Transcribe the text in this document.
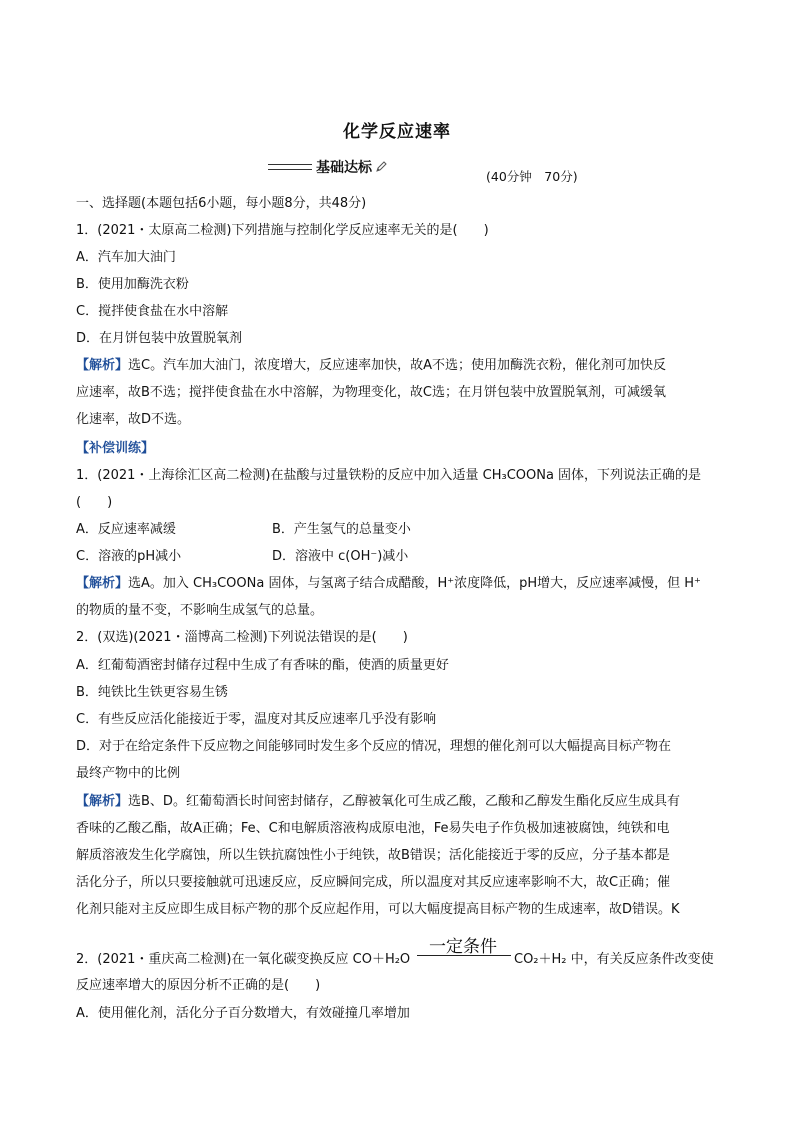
化学反应速率
基础达标
(40分钟　70分)
一、选择题(本题包括6小题，每小题8分，共48分)
1．(2021・太原高二检测)下列措施与控制化学反应速率无关的是(　　)
A．汽车加大油门
B．使用加酶洗衣粉
C．搅拌使食盐在水中溶解
D．在月饼包装中放置脱氧剂
【解析】选C。汽车加大油门，浓度增大，反应速率加快，故A不选；使用加酶洗衣粉，催化剂可加快反
应速率，故B不选；搅拌使食盐在水中溶解，为物理变化，故C选；在月饼包装中放置脱氧剂，可减缓氧
化速率，故D不选。
【补偿训练】
1．(2021・上海徐汇区高二检测)在盐酸与过量铁粉的反应中加入适量 CH₃COONa 固体，下列说法正确的是
(　　)
A．反应速率减缓	B．产生氢气的总量变小
C．溶液的pH减小	D．溶液中 c(OH⁻)减小
【解析】选A。加入 CH₃COONa 固体，与氢离子结合成醋酸，H⁺浓度降低，pH增大，反应速率减慢，但 H⁺
的物质的量不变，不影响生成氢气的总量。
2．(双选)(2021・淄博高二检测)下列说法错误的是(　　)
A．红葡萄酒密封储存过程中生成了有香味的酯，使酒的质量更好
B．纯铁比生铁更容易生锈
C．有些反应活化能接近于零，温度对其反应速率几乎没有影响
D．对于在给定条件下反应物之间能够同时发生多个反应的情况，理想的催化剂可以大幅提高目标产物在
最终产物中的比例
【解析】选B、D。红葡萄酒长时间密封储存，乙醇被氧化可生成乙酸，乙酸和乙醇发生酯化反应生成具有
香味的乙酸乙酯，故A正确；Fe、C和电解质溶液构成原电池，Fe易失电子作负极加速被腐蚀，纯铁和电
解质溶液发生化学腐蚀，所以生铁抗腐蚀性小于纯铁，故B错误；活化能接近于零的反应，分子基本都是
活化分子，所以只要接触就可迅速反应，反应瞬间完成，所以温度对其反应速率影响不大，故C正确；催
化剂只能对主反应即生成目标产物的那个反应起作用，可以大幅度提高目标产物的生成速率，故D错误。K
2．(2021・重庆高二检测)在一氧化碳变换反应 CO＋H₂O
一定条件
CO₂＋H₂ 中，有关反应条件改变使
反应速率增大的原因分析不正确的是(　　)
A．使用催化剂，活化分子百分数增大，有效碰撞几率增加
